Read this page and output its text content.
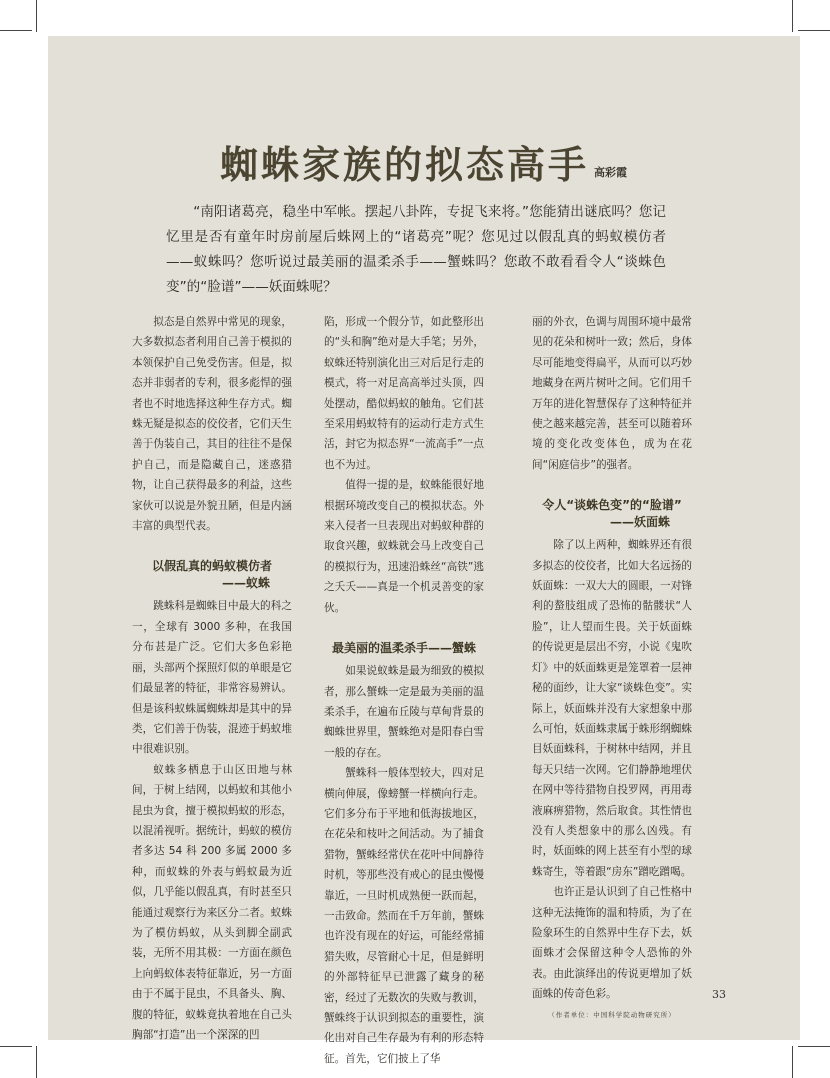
蜘蛛家族的拟态高手 高彩霞
“南阳诸葛亮，稳坐中军帐。摆起八卦阵，专捉飞来将。”您能猜出谜底吗？您记忆里是否有童年时房前屋后蛛网上的“诸葛亮”呢？您见过以假乱真的蚂蚁模仿者——蚁蛛吗？您听说过最美丽的温柔杀手——蟹蛛吗？您敢不敢看看令人“谈蛛色变”的“脸谱”——妖面蛛呢？

拟态是自然界中常见的现象，大多数拟态者利用自己善于模拟的本领保护自己免受伤害。但是，拟态并非弱者的专利，很多彪悍的强者也不时地选择这种生存方式。蜘蛛无疑是拟态的佼佼者，它们天生善于伪装自己，其目的往往不是保护自己，而是隐藏自己，迷惑猎物，让自己获得最多的利益，这些家伙可以说是外貌丑陋，但是内涵丰富的典型代表。

以假乱真的蚂蚁模仿者
——蚁蛛

跳蛛科是蜘蛛目中最大的科之一，全球有 3000 多种，在我国分布甚是广泛。它们大多色彩艳丽，头部两个探照灯似的单眼是它们最显著的特征，非常容易辨认。但是该科蚁蛛属蜘蛛却是其中的异类，它们善于伪装，混迹于蚂蚁堆中很难识别。

蚁蛛多栖息于山区田地与林间，于树上结网，以蚂蚁和其他小昆虫为食，擅于模拟蚂蚁的形态，以混淆视听。据统计，蚂蚁的模仿者多达 54 科 200 多属 2000 多种，而蚁蛛的外表与蚂蚁最为近似，几乎能以假乱真，有时甚至只能通过观察行为来区分二者。蚁蛛为了模仿蚂蚁，从头到脚全副武装，无所不用其极：一方面在颜色上向蚂蚁体表特征靠近，另一方面由于不属于昆虫，不具备头、胸、腹的特征，蚁蛛竟执着地在自己头胸部“打造”出一个深深的凹

陷，形成一个假分节，如此整形出的“头和胸”绝对是大手笔；另外，蚁蛛还特别演化出三对后足行走的模式，将一对足高高举过头顶，四处摆动，酷似蚂蚁的触角。它们甚至采用蚂蚁特有的运动行走方式生活，封它为拟态界“一流高手”一点也不为过。

值得一提的是，蚁蛛能很好地根据环境改变自己的模拟状态。外来入侵者一旦表现出对蚂蚁种群的取食兴趣，蚁蛛就会马上改变自己的模拟行为，迅速沿蛛丝“高铁”逃之夭夭——真是一个机灵善变的家伙。

最美丽的温柔杀手——蟹蛛

如果说蚁蛛是最为细致的模拟者，那么蟹蛛一定是最为美丽的温柔杀手，在遍布丘陵与草甸背景的蜘蛛世界里，蟹蛛绝对是阳春白雪一般的存在。

蟹蛛科一般体型较大，四对足横向伸展，像螃蟹一样横向行走。它们多分布于平地和低海拔地区，在花朵和枝叶之间活动。为了捕食猎物，蟹蛛经常伏在花叶中间静待时机，等那些没有戒心的昆虫慢慢靠近，一旦时机成熟便一跃而起，一击致命。然而在千万年前，蟹蛛也许没有现在的好运，可能经常捕猎失败，尽管耐心十足，但是鲜明的外部特征早已泄露了藏身的秘密，经过了无数次的失败与教训，蟹蛛终于认识到拟态的重要性，演化出对自己生存最为有利的形态特征。首先，它们披上了华

丽的外衣，色调与周围环境中最常见的花朵和树叶一致；然后，身体尽可能地变得扁平，从而可以巧妙地藏身在两片树叶之间。它们用千万年的进化智慧保存了这种特征并使之越来越完善，甚至可以随着环境的变化改变体色，成为在花间“闲庭信步”的强者。

令人“谈蛛色变”的“脸谱”
——妖面蛛

除了以上两种，蜘蛛界还有很多拟态的佼佼者，比如大名远扬的妖面蛛：一双大大的圆眼，一对锋利的螯肢组成了恐怖的骷髅状“人脸”，让人望而生畏。关于妖面蛛的传说更是层出不穷，小说《鬼吹灯》中的妖面蛛更是笼罩着一层神秘的面纱，让大家“谈蛛色变”。实际上，妖面蛛并没有大家想象中那么可怕，妖面蛛隶属于蛛形纲蜘蛛目妖面蛛科，于树林中结网，并且每天只结一次网。它们静静地埋伏在网中等待猎物自投罗网，再用毒液麻痹猎物，然后取食。其性情也没有人类想象中的那么凶残。有时，妖面蛛的网上甚至有小型的球蛛寄生，等着跟“房东”蹭吃蹭喝。

也许正是认识到了自己性格中这种无法掩饰的温和特质，为了在险象环生的自然界中生存下去，妖面蛛才会保留这种令人恐怖的外表。由此演绎出的传说更增加了妖面蛛的传奇色彩。

（作者单位：中国科学院动物研究所）

33
